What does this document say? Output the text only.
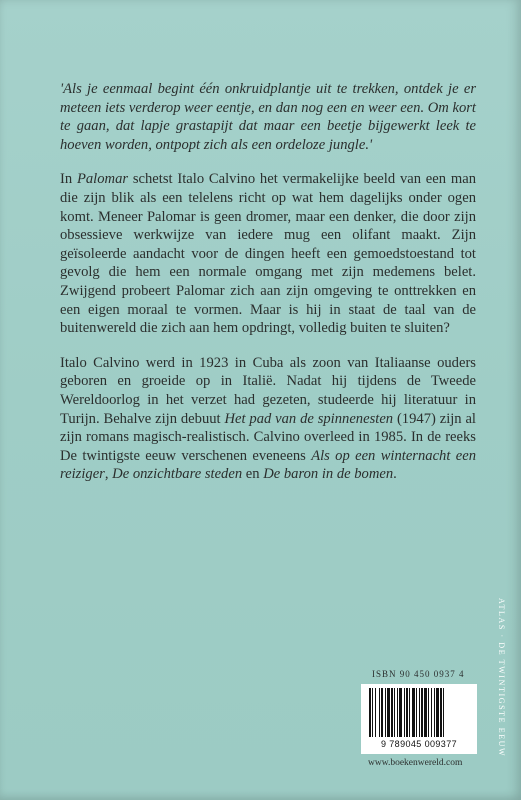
'Als je eenmaal begint één onkruidplantje uit te trekken, ontdek je er meteen iets verderop weer eentje, en dan nog een en weer een. Om kort te gaan, dat lapje grastapijt dat maar een beetje bijgewerkt leek te hoeven worden, ontpopt zich als een ordeloze jungle.'

In Palomar schetst Italo Calvino het vermakelijke beeld van een man die zijn blik als een telelens richt op wat hem dagelijks onder ogen komt. Meneer Palomar is geen dromer, maar een denker, die door zijn obsessieve werkwijze van iedere mug een olifant maakt. Zijn geïsoleerde aandacht voor de dingen heeft een gemoedstoestand tot gevolg die hem een normale omgang met zijn medemens belet. Zwijgend probeert Palomar zich aan zijn omgeving te onttrekken en een eigen moraal te vormen. Maar is hij in staat de taal van de buitenwereld die zich aan hem opdringt, volledig buiten te sluiten?

Italo Calvino werd in 1923 in Cuba als zoon van Italiaanse ouders geboren en groeide op in Italië. Nadat hij tijdens de Tweede Wereldoorlog in het verzet had gezeten, studeerde hij literatuur in Turijn. Behalve zijn debuut Het pad van de spinnenesten (1947) zijn al zijn romans magisch-realistisch. Calvino overleed in 1985. In de reeks De twintigste eeuw verschenen eveneens Als op een winternacht een reiziger, De onzichtbare steden en De baron in de bomen.

ATLAS · DE TWINTIGSTE EEUW
ISBN 90 450 0937 4
9 789045 009377
www.boekenwereld.com
